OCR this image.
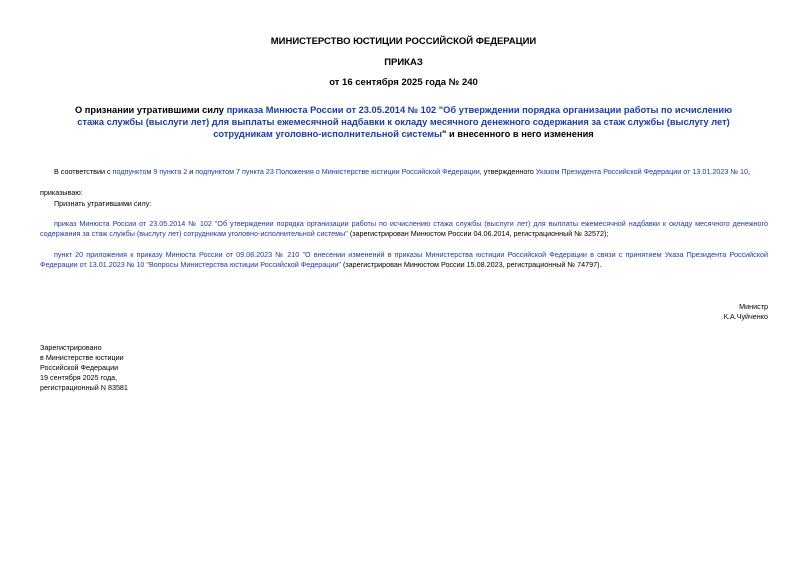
МИНИСТЕРСТВО ЮСТИЦИИ РОССИЙСКОЙ ФЕДЕРАЦИИ
ПРИКАЗ
от 16 сентября 2025 года № 240
О признании утратившими силу приказа Минюста России от 23.05.2014 № 102 "Об утверждении порядка организации работы по исчислению стажа службы (выслуги лет) для выплаты ежемесячной надбавки к окладу месячного денежного содержания за стаж службы (выслугу лет) сотрудникам уголовно-исполнительной системы" и внесенного в него изменения
В соответствии с подпунктом 9 пункта 2 и подпунктом 7 пункта 23 Положения о Министерстве юстиции Российской Федерации, утвержденного Указом Президента Российской Федерации от 13.01.2023 № 10,
приказываю:
Признать утратившими силу:
приказ Минюста России от 23.05.2014 № 102 "Об утверждении порядка организации работы по исчислению стажа службы (выслуги лет) для выплаты ежемесячной надбавки к окладу месячного денежного содержания за стаж службы (выслугу лет) сотрудникам уголовно-исполнительной системы" (зарегистрирован Минюстом России 04.06.2014, регистрационный № 32572);
пункт 20 приложения к приказу Минюста России от 09.08.2023 № 210 "О внесении изменений в приказы Министерства юстиции Российской Федерации в связи с принятием Указа Президента Российской Федерации от 13.01.2023 № 10 "Вопросы Министерства юстиции Российской Федерации" (зарегистрирован Минюстом России 15.08.2023, регистрационный № 74797).
Министр
К.А.Чуйченко
Зарегистрировано
в Министерстве юстиции
Российской Федерации
19 сентября 2025 года,
регистрационный N 83581
